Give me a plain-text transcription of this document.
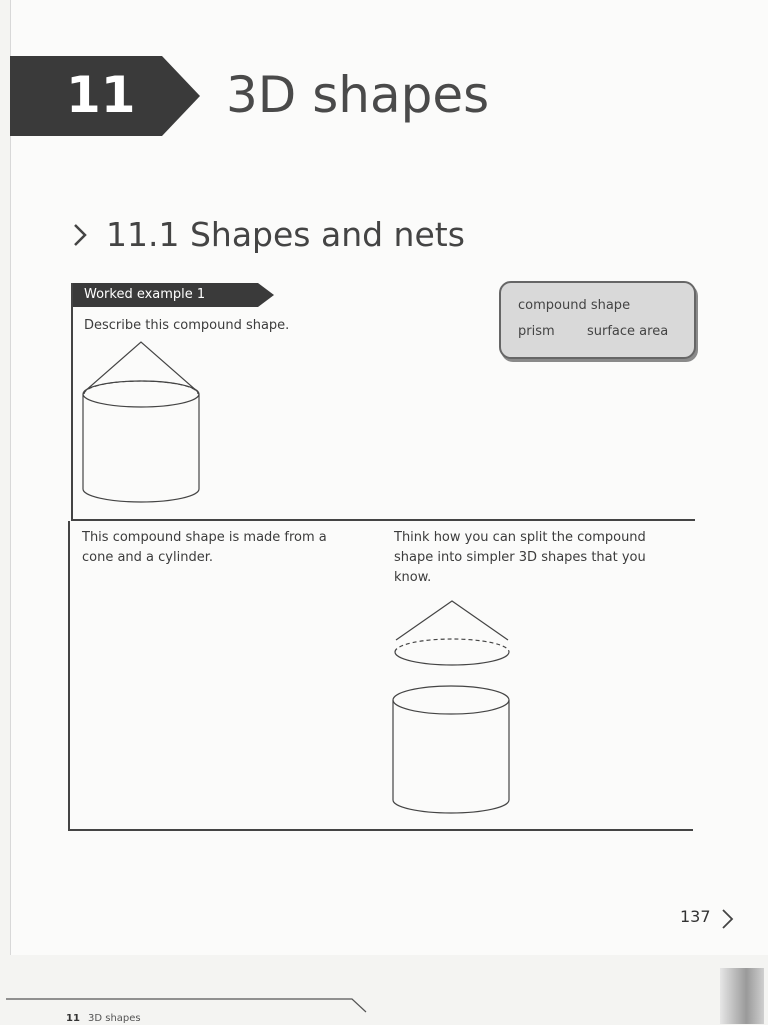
11	3D shapes
11.1 Shapes and nets
Worked example 1
Describe this compound shape.
compound shape
prism surface area
This compound shape is made from a cone and a cylinder.
Think how you can split the compound shape into simpler 3D shapes that you know.
137
11 3D shapes
